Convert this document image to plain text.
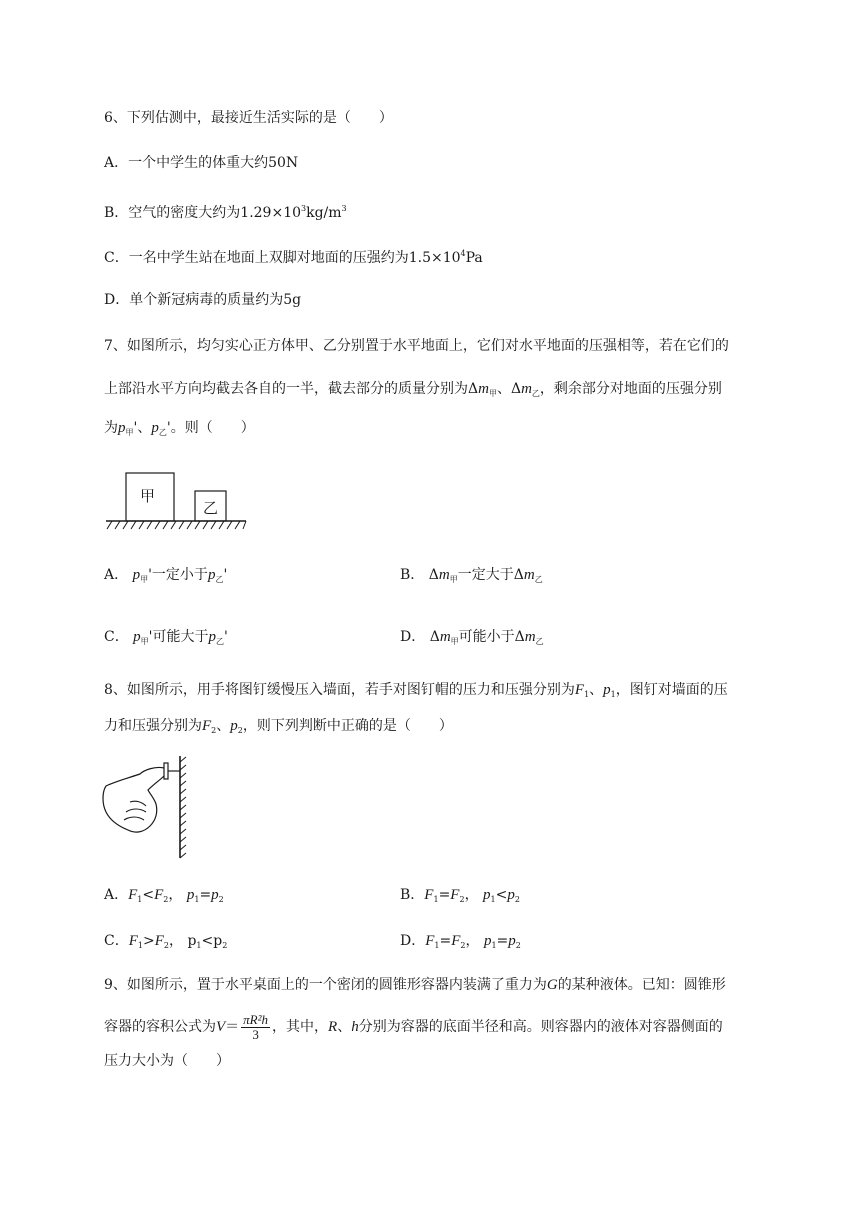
6、下列估测中，最接近生活实际的是（　　）
A．一个中学生的体重大约50N
B．空气的密度大约为$1.29\times 10^3kg/m^3$
C．一名中学生站在地面上双脚对地面的压强约为$1.5\times 10^4Pa$
D．单个新冠病毒的质量约为5g
7、如图所示，均匀实心正方体甲、乙分别置于水平地面上，它们对水平地面的压强相等，若在它们的
上部沿水平方向均截去各自的一半，截去部分的质量分别为$\Delta m_甲$、$\Delta m_乙$，剩余部分对地面的压强分别
为$p_甲'$、$p_乙'$。则（　　）
甲
乙
A． $p_甲'$一定小于$p_乙'$	B． $\Delta m_甲$一定大于$\Delta m_乙$
C． $p_甲'$可能大于$p_乙'$	D． $\Delta m_甲$可能小于$\Delta m_乙$
8、如图所示，用手将图钉缓慢压入墙面，若手对图钉帽的压力和压强分别为$F_1$、$p_1$，图钉对墙面的压
力和压强分别为$F_2$、$p_2$，则下列判断中正确的是（　　）
A．$F_1<F_2$， $p_1=p_2$	B．$F_1=F_2$， $p_1<p_2$
C．$F_1>F_2$， $p_1<p_2$	D．$F_1=F_2$， $p_1=p_2$
9、如图所示，置于水平桌面上的一个密闭的圆锥形容器内装满了重力为G的某种液体。已知：圆锥形
容器的容积公式为$V= \frac{\text{πR²h}}{3}$ ，其中，R、h分别为容器的底面半径和高。则容器内的液体对容器侧面的
压力大小为（　　）
